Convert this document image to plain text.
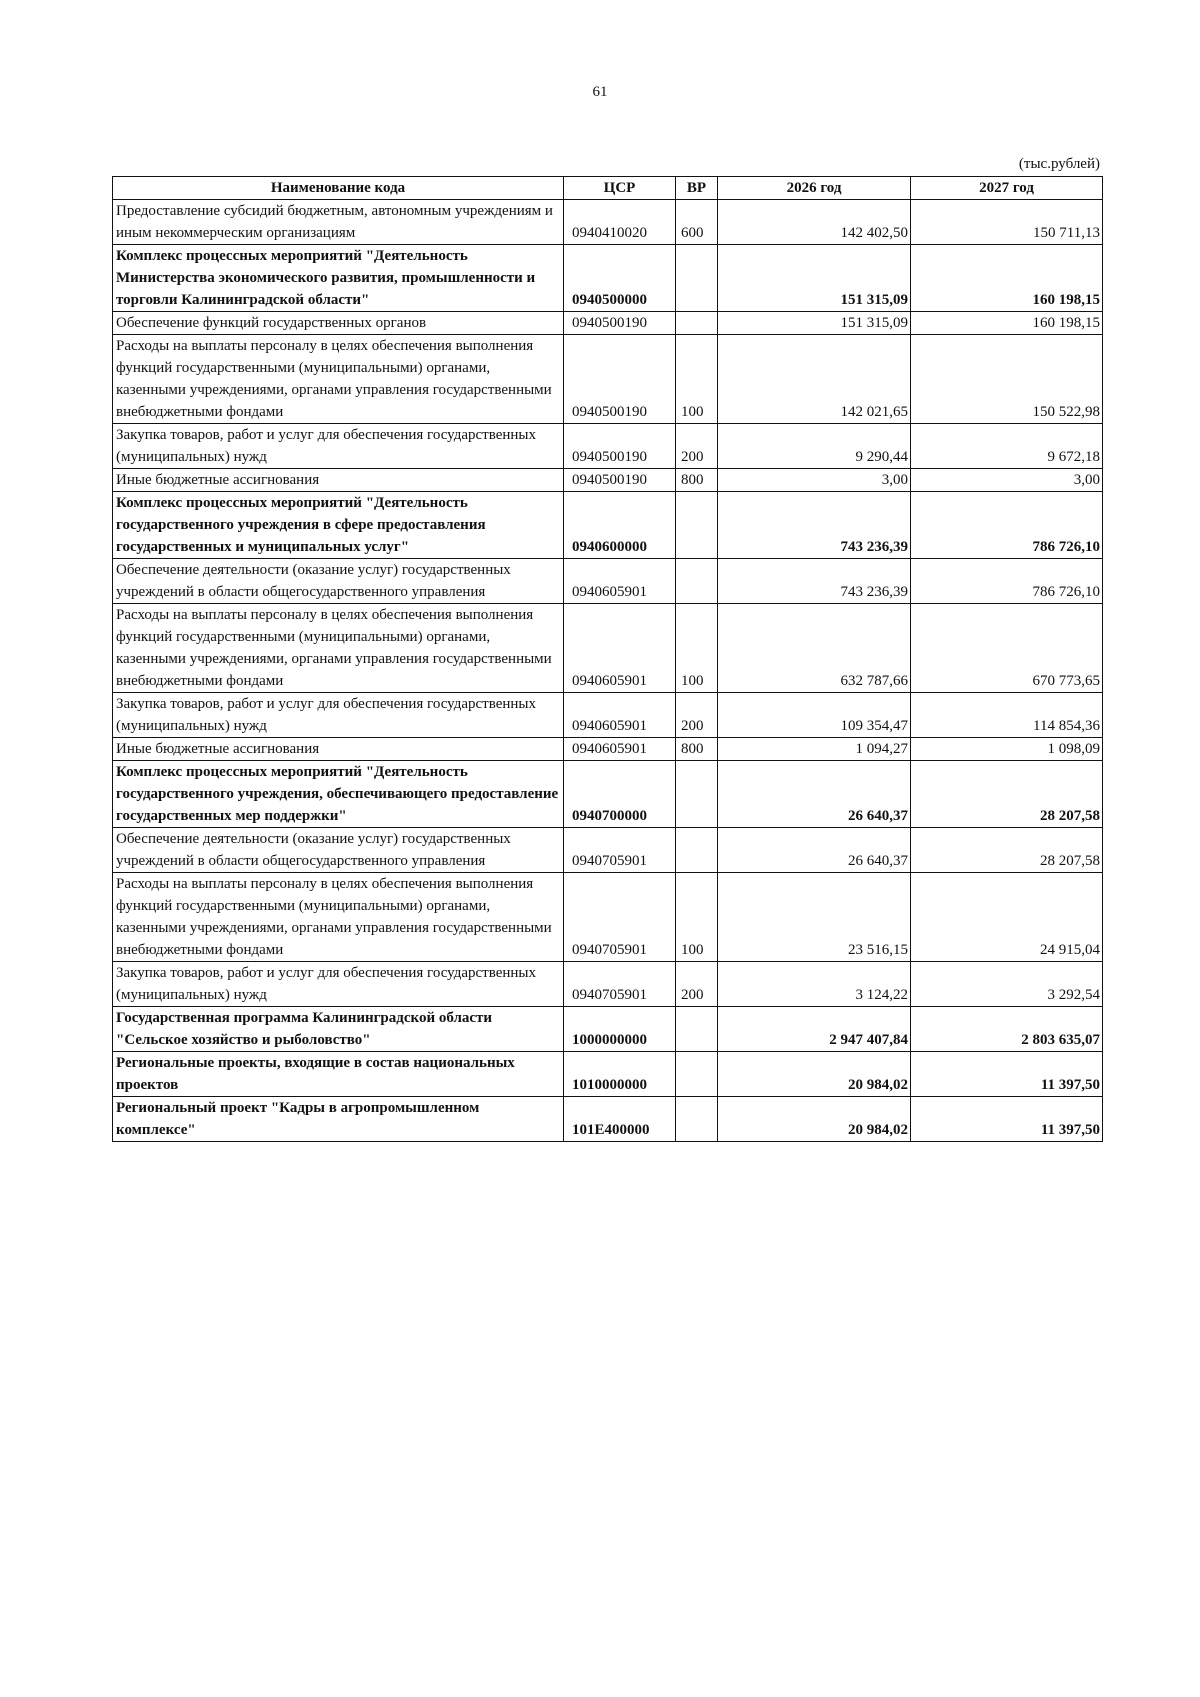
61
(тыс.рублей)
Наименование кода	ЦСР	ВР	2026 год	2027 год
Предоставление субсидий бюджетным, автономным учреждениям и иным некоммерческим организациям	0940410020	600	142 402,50	150 711,13
Комплекс процессных мероприятий "Деятельность Министерства экономического развития, промышленности и торговли Калининградской области"	0940500000		151 315,09	160 198,15
Обеспечение функций государственных органов	0940500190		151 315,09	160 198,15
Расходы на выплаты персоналу в целях обеспечения выполнения функций государственными (муниципальными) органами, казенными учреждениями, органами управления государственными внебюджетными фондами	0940500190	100	142 021,65	150 522,98
Закупка товаров, работ и услуг для обеспечения государственных (муниципальных) нужд	0940500190	200	9 290,44	9 672,18
Иные бюджетные ассигнования	0940500190	800	3,00	3,00
Комплекс процессных мероприятий "Деятельность государственного учреждения в сфере предоставления государственных и муниципальных услуг"	0940600000		743 236,39	786 726,10
Обеспечение деятельности (оказание услуг) государственных учреждений в области общегосударственного управления	0940605901		743 236,39	786 726,10
Расходы на выплаты персоналу в целях обеспечения выполнения функций государственными (муниципальными) органами, казенными учреждениями, органами управления государственными внебюджетными фондами	0940605901	100	632 787,66	670 773,65
Закупка товаров, работ и услуг для обеспечения государственных (муниципальных) нужд	0940605901	200	109 354,47	114 854,36
Иные бюджетные ассигнования	0940605901	800	1 094,27	1 098,09
Комплекс процессных мероприятий "Деятельность государственного учреждения, обеспечивающего предоставление государственных мер поддержки"	0940700000		26 640,37	28 207,58
Обеспечение деятельности (оказание услуг) государственных учреждений в области общегосударственного управления	0940705901		26 640,37	28 207,58
Расходы на выплаты персоналу в целях обеспечения выполнения функций государственными (муниципальными) органами, казенными учреждениями, органами управления государственными внебюджетными фондами	0940705901	100	23 516,15	24 915,04
Закупка товаров, работ и услуг для обеспечения государственных (муниципальных) нужд	0940705901	200	3 124,22	3 292,54
Государственная программа Калининградской области "Сельское хозяйство и рыболовство"	1000000000		2 947 407,84	2 803 635,07
Региональные проекты, входящие в состав национальных проектов	1010000000		20 984,02	11 397,50
Региональный проект "Кадры в агропромышленном комплексе"	101Е400000		20 984,02	11 397,50
